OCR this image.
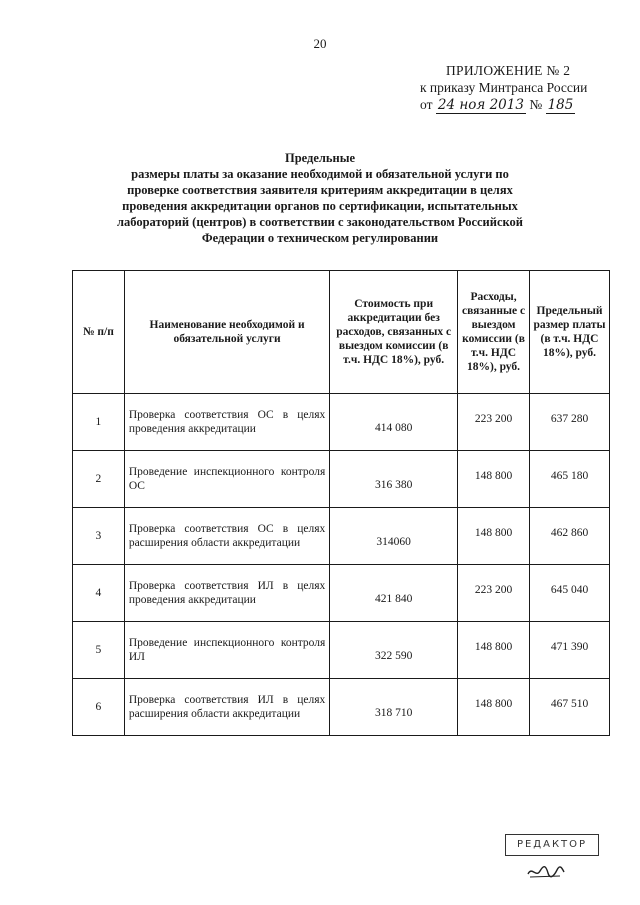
20
ПРИЛОЖЕНИЕ № 2
к приказу Минтранса России
от 24 ноя 2013 № 185
Предельные
размеры платы за оказание необходимой и обязательной услуги по
проверке соответствия заявителя критериям аккредитации в целях
проведения аккредитации органов по сертификации, испытательных
лабораторий (центров) в соответствии с законодательством Российской
Федерации о техническом регулировании
№ п/п	Наименование необходимой и обязательной услуги	Стоимость при аккредитации без расходов, связанных с выездом комиссии (в т.ч. НДС 18%), руб.	Расходы, связанные с выездом комиссии (в т.ч. НДС 18%), руб.	Предельный размер платы (в т.ч. НДС 18%), руб.
1	Проверка соответствия ОС в целях проведения аккредитации	414 080	223 200	637 280
2	Проведение инспекционного контроля ОС	316 380	148 800	465 180
3	Проверка соответствия ОС в целях расширения области аккредитации	314060	148 800	462 860
4	Проверка соответствия ИЛ в целях проведения аккредитации	421 840	223 200	645 040
5	Проведение инспекционного контроля ИЛ	322 590	148 800	471 390
6	Проверка соответствия ИЛ в целях расширения области аккредитации	318 710	148 800	467 510
РЕДАКТОР
